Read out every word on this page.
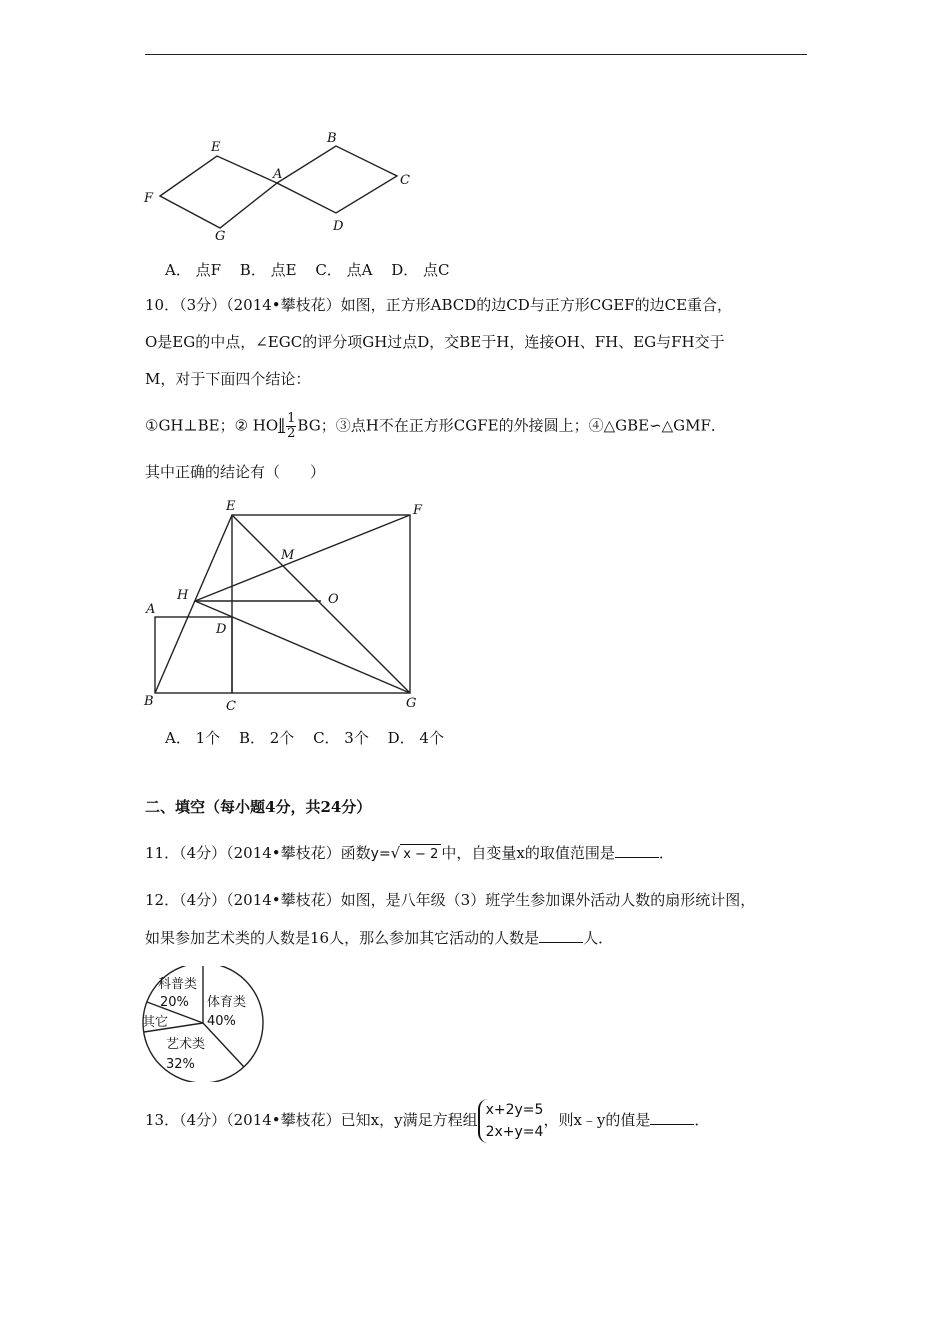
E
B
A	C
F
D
G
A． 点F B． 点E C． 点A D． 点C
10．（3分）（2014•攀枝花）如图，正方形ABCD的边CD与正方形CGEF的边CE重合，
O是EG的中点，∠EGC的评分项GH过点D，交BE于H，连接OH、FH、EG与FH交于
M，对于下面四个结论：
①GH⊥BE；② HO∥ $\frac{1}{2}$ BG；③点H不在正方形CGFE的外接圆上；④△GBE∽△GMF．
其中正确的结论有（　　）
E	F
M
H	O
A
D
B	C	G
A． 1个 B． 2个 C． 3个 D． 4个
二、填空（每小题4分，共24分）
11．（4分）（2014•攀枝花）函数y=√ x − 2 中，自变量x的取值范围是	．
12．（4分）（2014•攀枝花）如图，是八年级（3）班学生参加课外活动人数的扇形统计图，
如果参加艺术类的人数是16人，那么参加其它活动的人数是	人．
科普类
20% 体育类
40%
其它
艺术类
32%
13．（4分）（2014•攀枝花）已知x，y满足方程组
x+2y=5
2x+y=4
，则x﹣y的值是	．
